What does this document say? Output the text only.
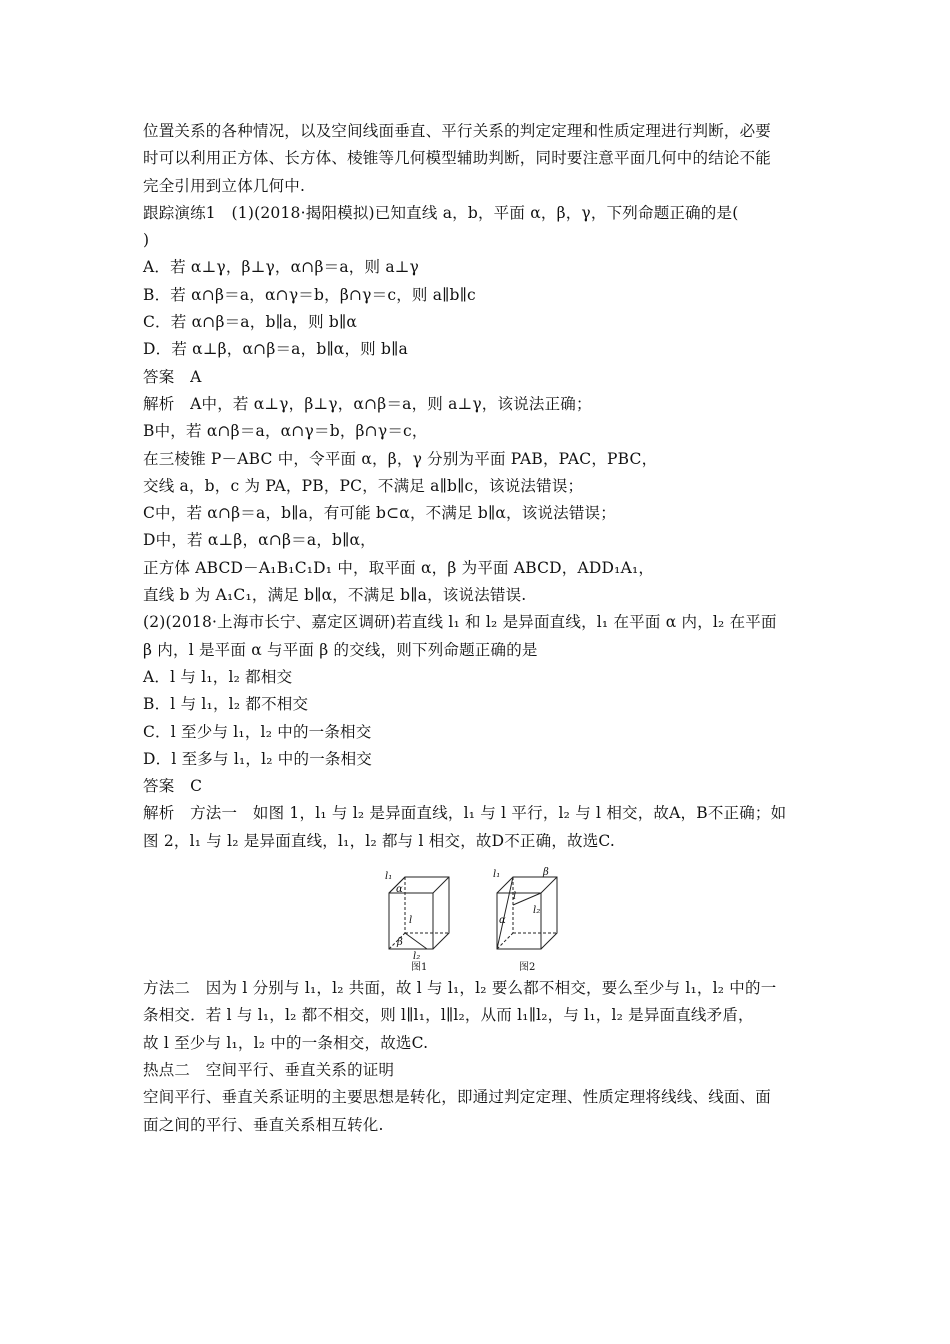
位置关系的各种情况，以及空间线面垂直、平行关系的判定定理和性质定理进行判断，必要
时可以利用正方体、长方体、棱锥等几何模型辅助判断，同时要注意平面几何中的结论不能
完全引用到立体几何中.
跟踪演练1　(1)(2018·揭阳模拟)已知直线 a，b，平面 α，β，γ，下列命题正确的是(
)
A．若 α⊥γ，β⊥γ，α∩β＝a，则 a⊥γ
B．若 α∩β＝a，α∩γ＝b，β∩γ＝c，则 a∥b∥c
C．若 α∩β＝a，b∥a，则 b∥α
D．若 α⊥β，α∩β＝a，b∥α，则 b∥a
答案　A
解析　A中，若 α⊥γ，β⊥γ，α∩β＝a，则 a⊥γ，该说法正确；
B中，若 α∩β＝a，α∩γ＝b，β∩γ＝c，
在三棱锥 P－ABC 中，令平面 α，β，γ 分别为平面 PAB，PAC，PBC，
交线 a，b，c 为 PA，PB，PC，不满足 a∥b∥c，该说法错误；
C中，若 α∩β＝a，b∥a，有可能 b⊂α，不满足 b∥α，该说法错误；
D中，若 α⊥β，α∩β＝a，b∥α，
正方体 ABCD－A₁B₁C₁D₁ 中，取平面 α，β 为平面 ABCD，ADD₁A₁，
直线 b 为 A₁C₁，满足 b∥α，不满足 b∥a，该说法错误.
(2)(2018·上海市长宁、嘉定区调研)若直线 l₁ 和 l₂ 是异面直线，l₁ 在平面 α 内，l₂ 在平面
β 内，l 是平面 α 与平面 β 的交线，则下列命题正确的是
A．l 与 l₁，l₂ 都相交
B．l 与 l₁，l₂ 都不相交
C．l 至少与 l₁，l₂ 中的一条相交
D．l 至多与 l₁，l₂ 中的一条相交
答案　C
解析　方法一　如图 1，l₁ 与 l₂ 是异面直线，l₁ 与 l 平行，l₂ 与 l 相交，故A，B不正确；如
图 2，l₁ 与 l₂ 是异面直线，l₁，l₂ 都与 l 相交，故D不正确，故选C.
l₁
α
l
β
l₂
l₁	β
l
α
l₂
图1	图2
方法二　因为 l 分别与 l₁，l₂ 共面，故 l 与 l₁，l₂ 要么都不相交，要么至少与 l₁，l₂ 中的一
条相交．若 l 与 l₁，l₂ 都不相交，则 l∥l₁，l∥l₂，从而 l₁∥l₂，与 l₁，l₂ 是异面直线矛盾，
故 l 至少与 l₁，l₂ 中的一条相交，故选C.
热点二　空间平行、垂直关系的证明
空间平行、垂直关系证明的主要思想是转化，即通过判定定理、性质定理将线线、线面、面
面之间的平行、垂直关系相互转化.
